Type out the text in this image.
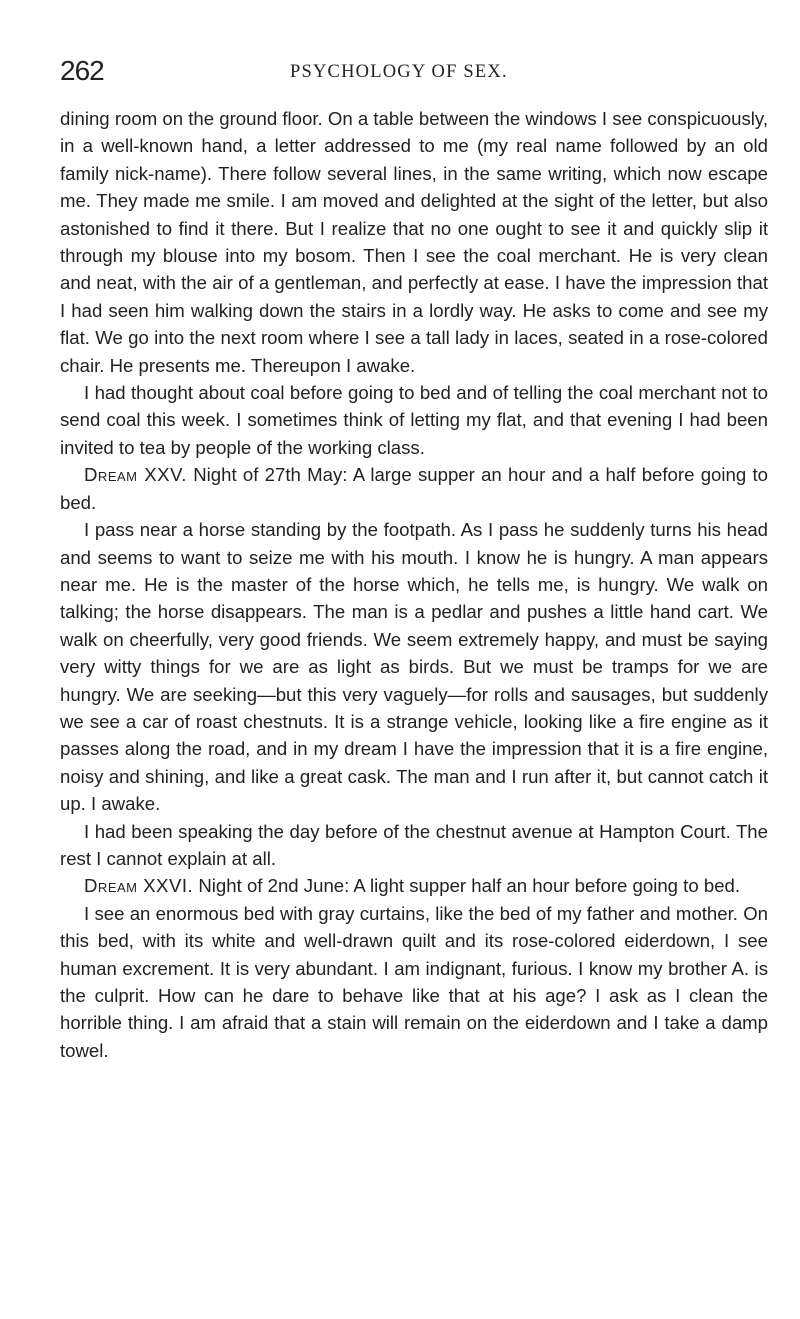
262	PSYCHOLOGY OF SEX.

dining room on the ground floor. On a table between the windows I see conspicuously, in a well-known hand, a letter addressed to me (my real name followed by an old family nick-name). There follow several lines, in the same writing, which now escape me. They made me smile. I am moved and delighted at the sight of the letter, but also astonished to find it there. But I realize that no one ought to see it and quickly slip it through my blouse into my bosom. Then I see the coal merchant. He is very clean and neat, with the air of a gentleman, and perfectly at ease. I have the impression that I had seen him walking down the stairs in a lordly way. He asks to come and see my flat. We go into the next room where I see a tall lady in laces, seated in a rose-colored chair. He presents me. Thereupon I awake.

I had thought about coal before going to bed and of telling the coal merchant not to send coal this week. I sometimes think of letting my flat, and that evening I had been invited to tea by people of the working class.

Dream XXV. Night of 27th May: A large supper an hour and a half before going to bed.

I pass near a horse standing by the footpath. As I pass he suddenly turns his head and seems to want to seize me with his mouth. I know he is hungry. A man appears near me. He is the master of the horse which, he tells me, is hungry. We walk on talking; the horse disappears. The man is a pedlar and pushes a little hand cart. We walk on cheerfully, very good friends. We seem extremely happy, and must be saying very witty things for we are as light as birds. But we must be tramps for we are hungry. We are seeking—but this very vaguely—for rolls and sausages, but suddenly we see a car of roast chestnuts. It is a strange vehicle, looking like a fire engine as it passes along the road, and in my dream I have the impression that it is a fire engine, noisy and shining, and like a great cask. The man and I run after it, but cannot catch it up. I awake.

I had been speaking the day before of the chestnut avenue at Hampton Court. The rest I cannot explain at all.

Dream XXVI. Night of 2nd June: A light supper half an hour before going to bed.

I see an enormous bed with gray curtains, like the bed of my father and mother. On this bed, with its white and well-drawn quilt and its rose-colored eiderdown, I see human excrement. It is very abundant. I am indignant, furious. I know my brother A. is the culprit. How can he dare to behave like that at his age? I ask as I clean the horrible thing. I am afraid that a stain will remain on the eiderdown and I take a damp towel.
